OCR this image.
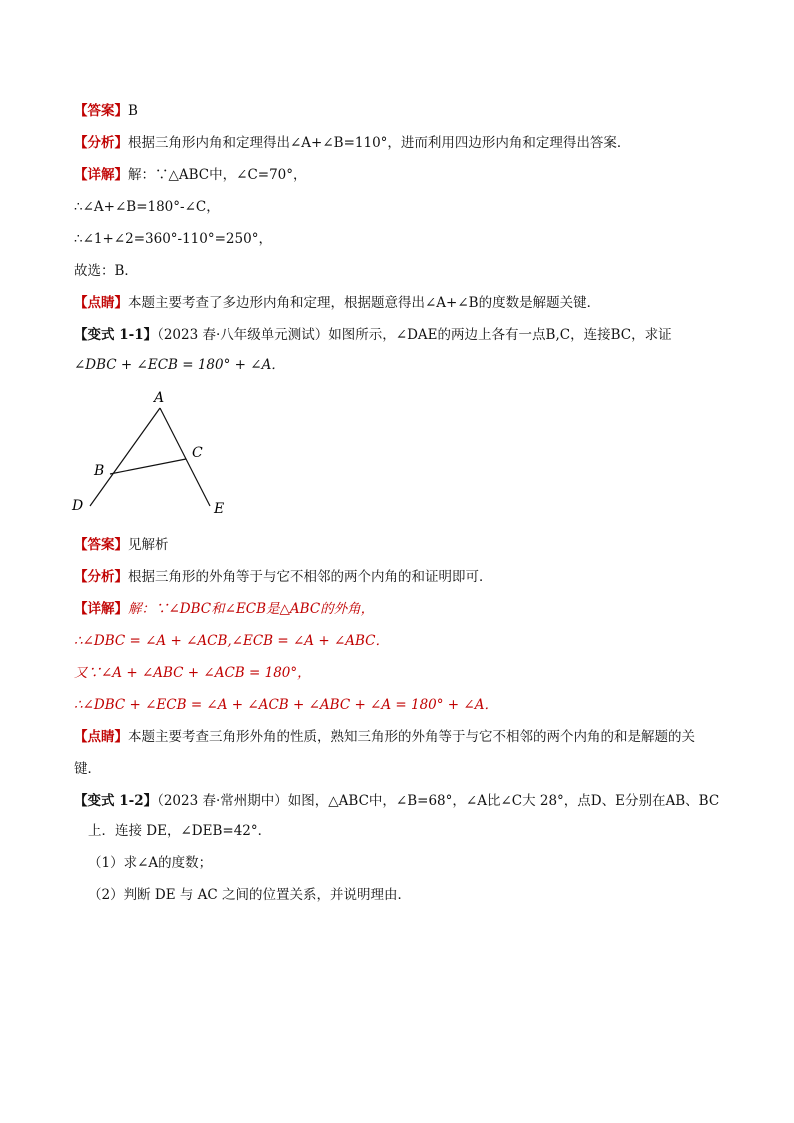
【答案】B
【分析】根据三角形内角和定理得出∠A+∠B=110°，进而利用四边形内角和定理得出答案．
【详解】解：∵△ABC中，∠C=70°，
∴∠A+∠B=180°-∠C，
∴∠1+∠2=360°-110°=250°，
故选：B．
【点睛】本题主要考查了多边形内角和定理，根据题意得出∠A+∠B的度数是解题关键．
【变式 1-1】（2023 春·八年级单元测试）如图所示，∠DAE的两边上各有一点B,C，连接BC，求证
∠DBC + ∠ECB = 180° + ∠A．
A
B
C
D	E
【答案】见解析
【分析】根据三角形的外角等于与它不相邻的两个内角的和证明即可．
【详解】解：∵∠DBC和∠ECB是△ABC的外角，
∴∠DBC = ∠A + ∠ACB,∠ECB = ∠A + ∠ABC．
又∵∠A + ∠ABC + ∠ACB = 180°，
∴∠DBC + ∠ECB = ∠A + ∠ACB + ∠ABC + ∠A = 180° + ∠A．
【点睛】本题主要考查三角形外角的性质，熟知三角形的外角等于与它不相邻的两个内角的和是解题的关
键．
【变式 1-2】（2023 春·常州期中）如图，△ABC中，∠B=68°，∠A比∠C大 28°，点D、E分别在AB、BC
上．连接 DE，∠DEB=42°．
（1）求∠A的度数；
（2）判断 DE 与 AC 之间的位置关系，并说明理由．
